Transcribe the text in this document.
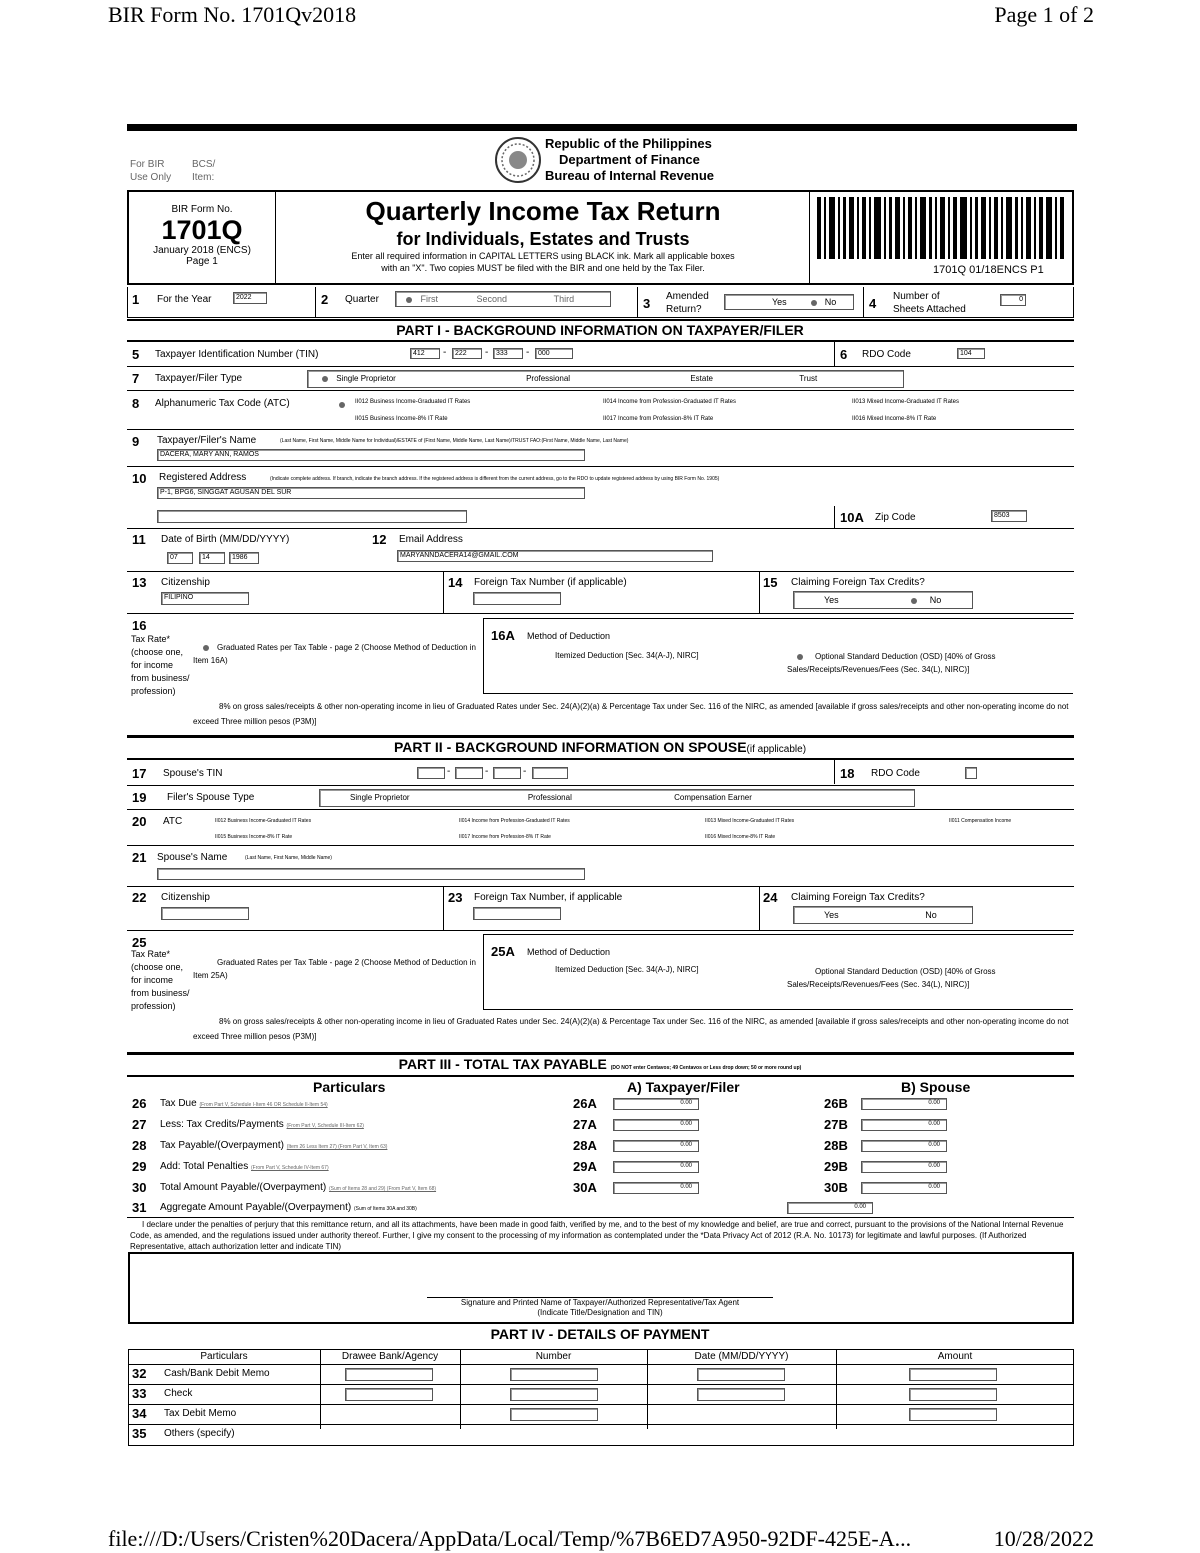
BIR Form No. 1701Qv2018	Page 1 of 2
file:///D:/Users/Cristen%20Dacera/AppData/Local/Temp/%7B6ED7A950-92DF-425E-A...	10/28/2022
For BIR
Use Only
BCS/
Item:
Republic of the Philippines
Department of Finance
Bureau of Internal Revenue
BIR Form No.
1701Q
January 2018 (ENCS)
Page 1
Quarterly Income Tax Return
for Individuals, Estates and Trusts
Enter all required information in CAPITAL LETTERS using BLACK ink. Mark all applicable boxes
with an "X". Two copies MUST be filed with the BIR and one held by the Tax Filer.	1701Q 01/18ENCS P1
1 For the Year	2022	2 Quarter	First	Second	Third	3 Amended
Return?
Yes	No	4 Number of
Sheets Attached
0
PART I - BACKGROUND INFORMATION ON TAXPAYER/FILER
5 Taxpayer Identification Number (TIN)	412	-	222	-	333	-	000	6 RDO Code	104
7 Taxpayer/Filer Type	Single Proprietor	Professional	Estate	Trust
8 Alphanumeric Tax Code (ATC)	II012 Business Income-Graduated IT Rates
II015 Business Income-8% IT Rate
II014 Income from Profession-Graduated IT Rates
II017 Income from Profession-8% IT Rate
II013 Mixed Income-Graduated IT Rates
II016 Mixed Income-8% IT Rate
9 Taxpayer/Filer's Name	(Last Name, First Name, Middle Name for Individual)/ESTATE of (First Name, Middle Name, Last Name)/TRUST FAO:(First Name, Middle Name, Last Name)
DACERA, MARY ANN, RAMOS
10 Registered Address	(Indicate complete address. If branch, indicate the branch address. If the registered address is different from the current address, go to the RDO to update registered address by using BIR Form No. 1905)
P-1, BPG6, SINGGAT AGUSAN DEL SUR
10A Zip Code	8503
11 Date of Birth (MM/DD/YYYY)
07	14	1986
12 Email Address
MARYANNDACERA14@GMAIL.COM
13 Citizenship
FILIPINO
14 Foreign Tax Number (if applicable)	15 Claiming Foreign Tax Credits?
Yes	No
16
Tax Rate* (choose one, for income from business/ profession)
Graduated Rates per Tax Table - page 2 (Choose Method of Deduction in Item 16A)
16A Method of Deduction
Itemized Deduction [Sec. 34(A-J), NIRC]	Optional Standard Deduction (OSD) [40% of Gross Sales/Receipts/Revenues/Fees (Sec. 34(L), NIRC)]
8% on gross sales/receipts & other non-operating income in lieu of Graduated Rates under Sec. 24(A)(2)(a) & Percentage Tax under Sec. 116 of the NIRC, as amended [available if gross sales/receipts and other non-operating income do not exceed Three million pesos (P3M)]
PART II - BACKGROUND INFORMATION ON SPOUSE(if applicable)
17 Spouse's TIN	-	-	-	18 RDO Code
19 Filer's Spouse Type	Single Proprietor	Professional	Compensation Earner
20 ATC	II012 Business Income-Graduated IT Rates
II015 Business Income-8% IT Rate
II014 Income from Profession-Graduated IT Rates
II017 Income from Profession-8% IT Rate
II013 Mixed Income-Graduated IT Rates
II016 Mixed Income-8% IT Rate
II011 Compensation Income
21 Spouse's Name	(Last Name, First Name, Middle Name)
22 Citizenship	23 Foreign Tax Number, if applicable	24 Claiming Foreign Tax Credits?
Yes	No
25
Tax Rate* (choose one, for income from business/ profession)
Graduated Rates per Tax Table - page 2 (Choose Method of Deduction in Item 25A)
25A Method of Deduction
Itemized Deduction [Sec. 34(A-J), NIRC]	Optional Standard Deduction (OSD) [40% of Gross Sales/Receipts/Revenues/Fees (Sec. 34(L), NIRC)]
8% on gross sales/receipts & other non-operating income in lieu of Graduated Rates under Sec. 24(A)(2)(a) & Percentage Tax under Sec. 116 of the NIRC, as amended [available if gross sales/receipts and other non-operating income do not exceed Three million pesos (P3M)]
PART III - TOTAL TAX PAYABLE (DO NOT enter Centavos; 49 Centavos or Less drop down; 50 or more round up)
Particulars	A) Taxpayer/Filer	B) Spouse
26 Tax Due (From Part V, Schedule I-Item 46 OR Schedule II-Item 54)	26A	0.00	26B	0.00
27 Less: Tax Credits/Payments (From Part V, Schedule III-Item 62)	27A	0.00	27B	0.00
28 Tax Payable/(Overpayment) (Item 26 Less Item 27) (From Part V, Item 63)	28A	0.00	28B	0.00
29 Add: Total Penalties (From Part V, Schedule IV-Item 67)	29A	0.00	29B	0.00
30 Total Amount Payable/(Overpayment) (Sum of Items 28 and 29) (From Part V, Item 68)	30A	0.00	30B	0.00
31 Aggregate Amount Payable/(Overpayment) (Sum of Items 30A and 30B)	0.00
I declare under the penalties of perjury that this remittance return, and all its attachments, have been made in good faith, verified by me, and to the best of my knowledge and belief, are true and correct, pursuant to the provisions of the National Internal Revenue Code, as amended, and the regulations issued under authority thereof. Further, I give my consent to the processing of my information as contemplated under the *Data Privacy Act of 2012 (R.A. No. 10173) for legitimate and lawful purposes. (If Authorized Representative, attach authorization letter and indicate TIN)
Signature and Printed Name of Taxpayer/Authorized Representative/Tax Agent
(Indicate Title/Designation and TIN)
PART IV - DETAILS OF PAYMENT
Particulars	Drawee Bank/Agency	Number	Date (MM/DD/YYYY)	Amount
32 Cash/Bank Debit Memo
33 Check
34 Tax Debit Memo
35 Others (specify)
